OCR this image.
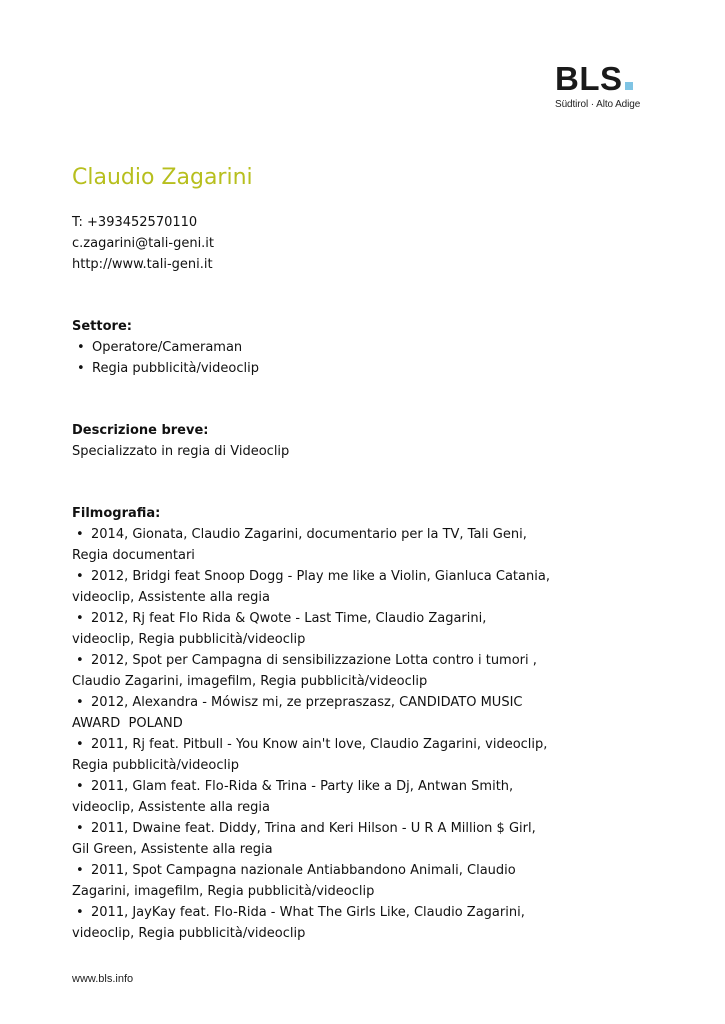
BLS
Südtirol · Alto Adige
Claudio Zagarini
T: +393452570110
c.zagarini@tali-geni.it
http://www.tali-geni.it
Settore:
• Operatore/Cameraman
• Regia pubblicità/videoclip
Descrizione breve:
Specializzato in regia di Videoclip
Filmografia:
• 2014, Gionata, Claudio Zagarini, documentario per la TV, Tali Geni, Regia documentari
• 2012, Bridgi feat Snoop Dogg - Play me like a Violin, Gianluca Catania, videoclip, Assistente alla regia
• 2012, Rj feat Flo Rida & Qwote - Last Time, Claudio Zagarini, videoclip, Regia pubblicità/videoclip
• 2012, Spot per Campagna di sensibilizzazione Lotta contro i tumori , Claudio Zagarini, imagefilm, Regia pubblicità/videoclip
• 2012, Alexandra - Mówisz mi, ze przepraszasz, CANDIDATO MUSIC AWARD  POLAND
• 2011, Rj feat. Pitbull - You Know ain't love, Claudio Zagarini, videoclip, Regia pubblicità/videoclip
• 2011, Glam feat. Flo-Rida & Trina - Party like a Dj, Antwan Smith, videoclip, Assistente alla regia
• 2011, Dwaine feat. Diddy, Trina and Keri Hilson - U R A Million $ Girl, Gil Green, Assistente alla regia
• 2011, Spot Campagna nazionale Antiabbandono Animali, Claudio Zagarini, imagefilm, Regia pubblicità/videoclip
• 2011, JayKay feat. Flo-Rida - What The Girls Like, Claudio Zagarini, videoclip, Regia pubblicità/videoclip
www.bls.info
